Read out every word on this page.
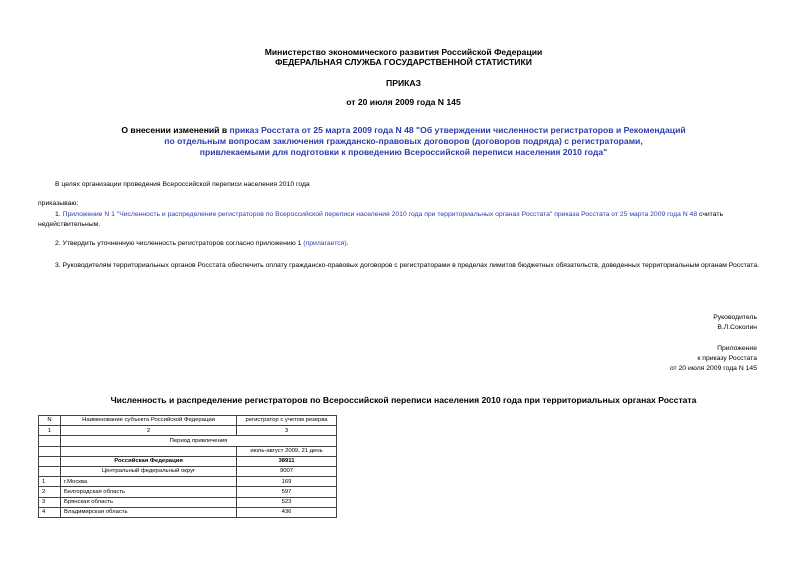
Министерство экономического развития Российской Федерации
ФЕДЕРАЛЬНАЯ СЛУЖБА ГОСУДАРСТВЕННОЙ СТАТИСТИКИ
ПРИКАЗ
от 20 июля 2009 года N 145
О внесении изменений в приказ Росстата от 25 марта 2009 года N 48 "Об утверждении численности регистраторов и Рекомендаций
по отдельным вопросам заключения гражданско-правовых договоров (договоров подряда) с регистраторами,
привлекаемыми для подготовки к проведению Всероссийской переписи населения 2010 года"
В целях организации проведения Всероссийской переписи населения 2010 года
приказываю:
1. Приложение N 1 "Численность и распределение регистраторов по Всероссийской переписи населения 2010 года при территориальных органах Росстата" приказа Росстата от 25 марта 2009 года N 48 считать недействительным.
2. Утвердить уточненную численность регистраторов согласно приложению 1 (прилагается).
3. Руководителям территориальных органов Росстата обеспечить оплату гражданско-правовых договоров с регистраторами в пределах лимитов бюджетных обязательств, доведенных территориальным органам Росстата.
Руководитель
В.Л.Соколин
Приложение
к приказу Росстата
от 20 июля 2009 года N 145
Численность и распределение регистраторов по Всероссийской переписи населения 2010 года при территориальных органах Росстата
N	Наименование субъекта Российской Федерации	регистратор с учетом резерва
1	2	3
	Период привлечения	
		июль-август 2009, 21 день
	Российская Федерация	38911
	Центральный федеральный округ	9007
1	г.Москва	169
2	Белгородская область	597
3	Брянская область	523
4	Владимирская область	436
